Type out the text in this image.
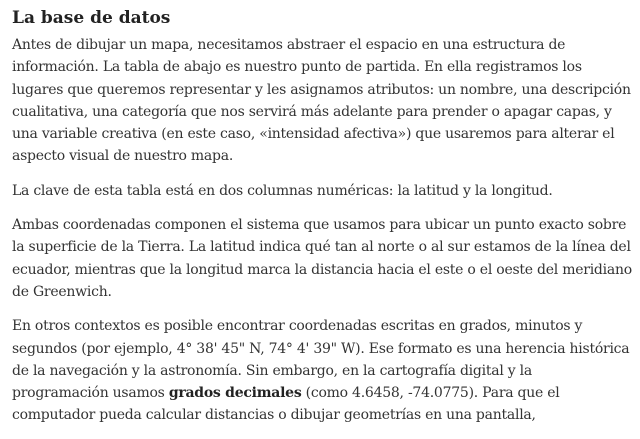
La base de datos

Antes de dibujar un mapa, necesitamos abstraer el espacio en una estructura de información. La tabla de abajo es nuestro punto de partida. En ella registramos los lugares que queremos representar y les asignamos atributos: un nombre, una descripción cualitativa, una categoría que nos servirá más adelante para prender o apagar capas, y una variable creativa (en este caso, «intensidad afectiva») que usaremos para alterar el aspecto visual de nuestro mapa.

La clave de esta tabla está en dos columnas numéricas: la latitud y la longitud.

Ambas coordenadas componen el sistema que usamos para ubicar un punto exacto sobre la superficie de la Tierra. La latitud indica qué tan al norte o al sur estamos de la línea del ecuador, mientras que la longitud marca la distancia hacia el este o el oeste del meridiano de Greenwich.

En otros contextos es posible encontrar coordenadas escritas en grados, minutos y segundos (por ejemplo, 4° 38' 45" N, 74° 4' 39" W). Ese formato es una herencia histórica de la navegación y la astronomía. Sin embargo, en la cartografía digital y la programación usamos grados decimales (como 4.6458, -74.0775). Para que el computador pueda calcular distancias o dibujar geometrías en una pantalla,
